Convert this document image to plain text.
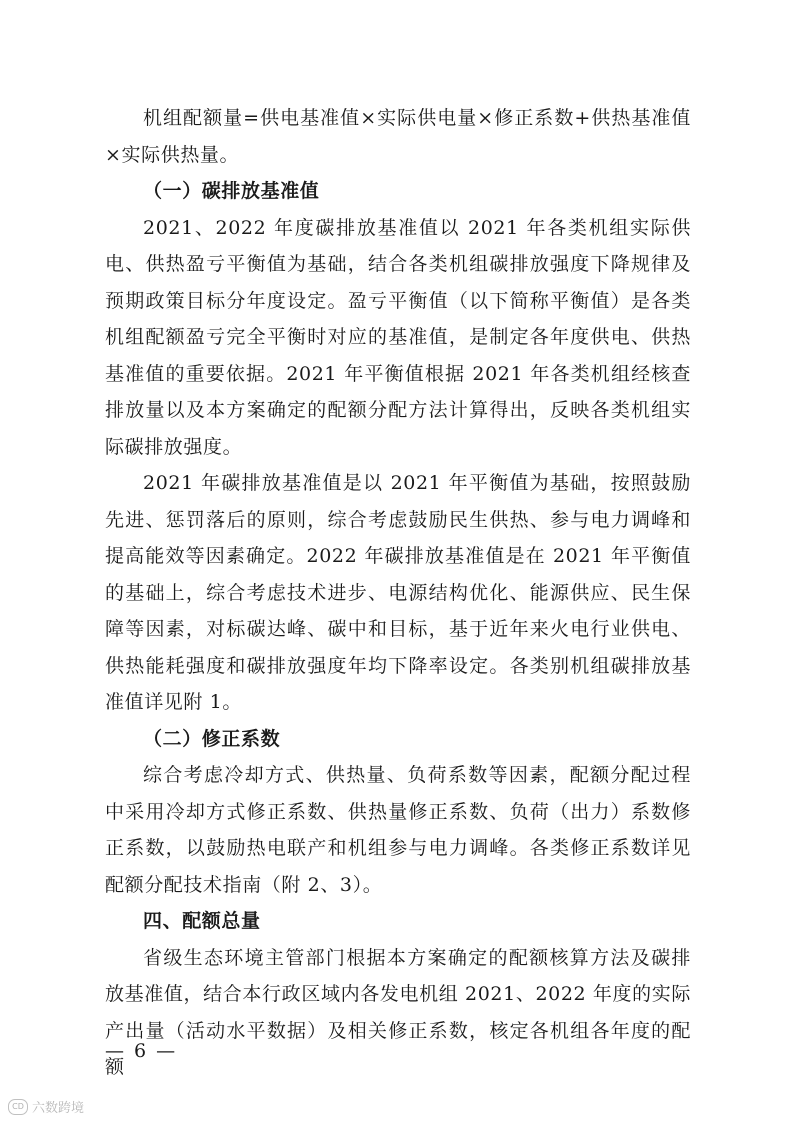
机组配额量=供电基准值×实际供电量×修正系数+供热基准值×实际供热量。

（一）碳排放基准值

2021、2022 年度碳排放基准值以 2021 年各类机组实际供电、供热盈亏平衡值为基础，结合各类机组碳排放强度下降规律及预期政策目标分年度设定。盈亏平衡值（以下简称平衡值）是各类机组配额盈亏完全平衡时对应的基准值，是制定各年度供电、供热基准值的重要依据。2021 年平衡值根据 2021 年各类机组经核查排放量以及本方案确定的配额分配方法计算得出，反映各类机组实际碳排放强度。

2021 年碳排放基准值是以 2021 年平衡值为基础，按照鼓励先进、惩罚落后的原则，综合考虑鼓励民生供热、参与电力调峰和提高能效等因素确定。2022 年碳排放基准值是在 2021 年平衡值的基础上，综合考虑技术进步、电源结构优化、能源供应、民生保障等因素，对标碳达峰、碳中和目标，基于近年来火电行业供电、供热能耗强度和碳排放强度年均下降率设定。各类别机组碳排放基准值详见附 1。

（二）修正系数

综合考虑冷却方式、供热量、负荷系数等因素，配额分配过程中采用冷却方式修正系数、供热量修正系数、负荷（出力）系数修正系数，以鼓励热电联产和机组参与电力调峰。各类修正系数详见配额分配技术指南（附 2、3）。

四、配额总量

省级生态环境主管部门根据本方案确定的配额核算方法及碳排放基准值，结合本行政区域内各发电机组 2021、2022 年度的实际产出量（活动水平数据）及相关修正系数，核定各机组各年度的配额

— 6 —
CD 六数跨境
